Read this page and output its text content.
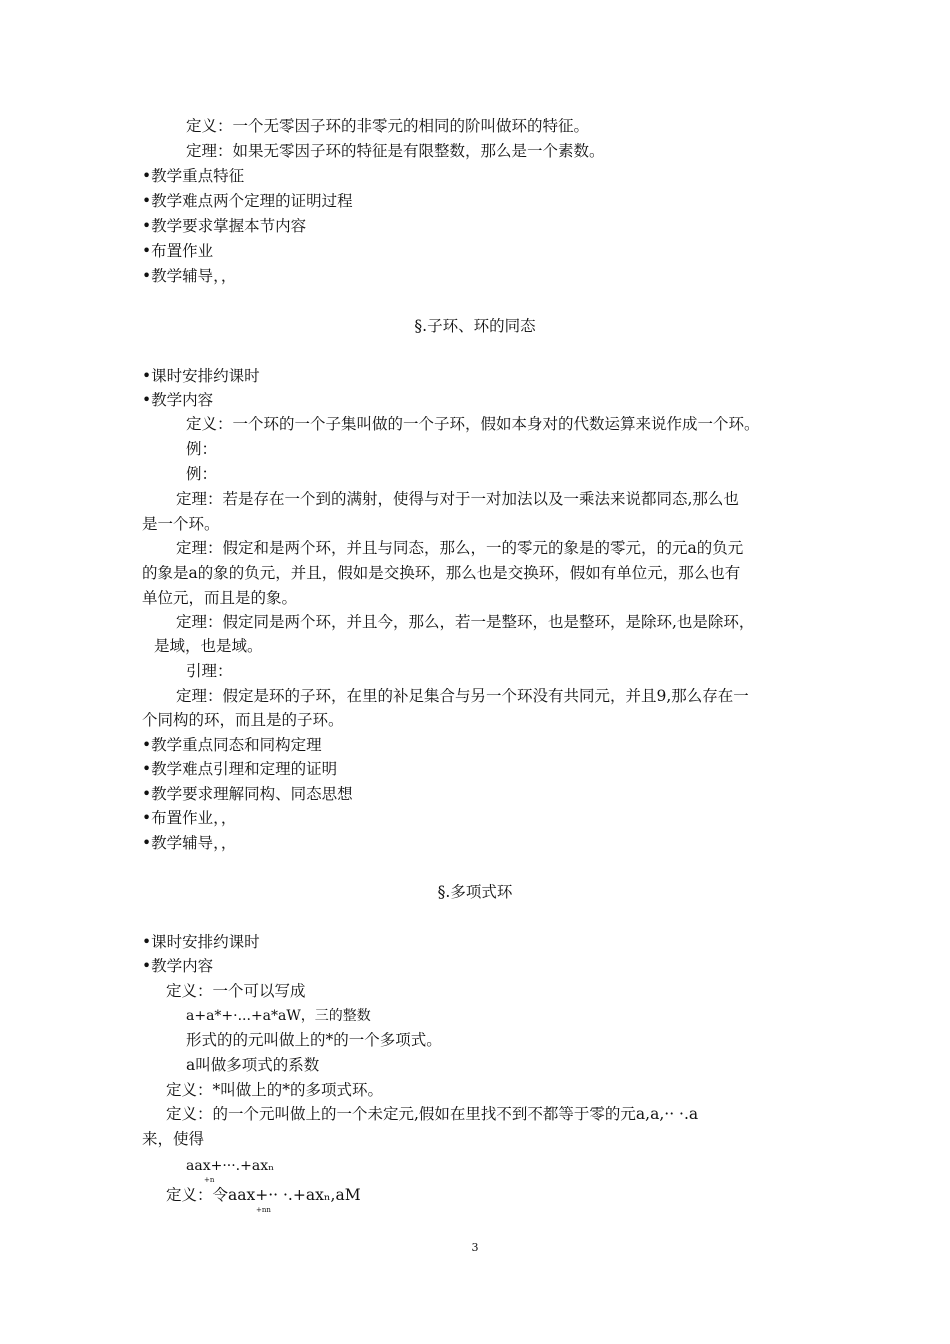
定义：一个无零因子环的非零元的相同的阶叫做环的特征。
定理：如果无零因子环的特征是有限整数，那么是一个素数。
•教学重点特征
•教学难点两个定理的证明过程
•教学要求掌握本节内容
•布置作业
•教学辅导，，
§.子环、环的同态
•课时安排约课时
•教学内容
定义：一个环的一个子集叫做的一个子环，假如本身对的代数运算来说作成一个环。
例：
例：
定理：若是存在一个到的满射，使得与对于一对加法以及一乘法来说都同态,那么也
是一个环。
定理：假定和是两个环，并且与同态，那么，一的零元的象是的零元，的元a的负元
的象是a的象的负元，并且，假如是交换环，那么也是交换环，假如有单位元，那么也有
单位元，而且是的象。
定理：假定同是两个环，并且今，那么，若一是整环，也是整环，是除环,也是除环，
是域，也是域。
引理：
定理：假定是环的子环，在里的补足集合与另一个环没有共同元，并且9,那么存在一
个同构的环，而且是的子环。
•教学重点同态和同构定理
•教学难点引理和定理的证明
•教学要求理解同构、同态思想
•布置作业，，
•教学辅导，，
§.多项式环
•课时安排约课时
•教学内容
定义：一个可以写成
a+a*+·...+a*aW，三的整数
形式的的元叫做上的*的一个多项式。
a叫做多项式的系数
定义：*叫做上的*的多项式环。
定义：的一个元叫做上的一个未定元,假如在里找不到不都等于零的元a,a,·· ·.a
来，使得
aax+···.+axₙ
+n
定义：令aax+·· ·.+axₙ,aM
+nn
3
